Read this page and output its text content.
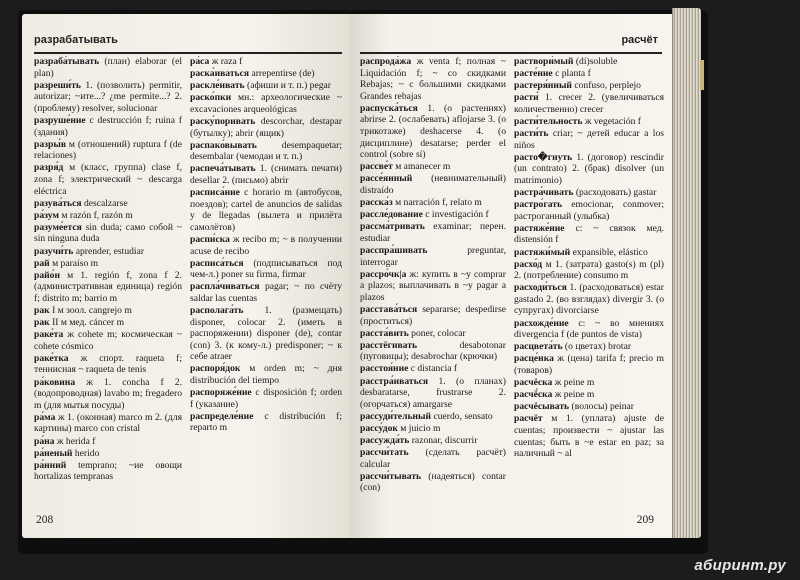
разрабатывать
разраба́тывать (план) elaborar (el plan)
разреши́ть 1. (позволить) permitir, autorizar; ~ите...? ¿me permite...? 2. (проблему) resolver, solucionar
разруше́ние с destrucción f; ruina f (здания)
разры́в м (отношений) ruptura f (de relaciones)
разря́д м (класс, группа) clase f, zona f; электрический ~ descarga eléctrica
разува́ться descalzarse
ра́зум м razón f, razón m
разуме́ется sin duda; само собой ~ sin ninguna duda
разучи́ть aprender, estudiar
рай м paraíso m
райо́н м 1. región f, zona f 2. (административная единица) región f; distrito m; barrio m
рак I м зоол. cangrejo m
рак II м мед. cáncer m
раке́та ж cohete m; космическая ~ cohete cósmico
раке́тка ж спорт. raqueta f; теннисная ~ raqueta de tenis
ра́ковина ж 1. concha f 2. (водопроводная) lavabo m; fregadero m (для мытья посуды)
ра́ма ж 1. (оконная) marco m 2. (для картины) marco con cristal
ра́на ж herida f
ра́неный herido
ра́нний temprano; ~ие овощи hortalizas tempranas
ра́са ж raza f
раска́иваться arrepentirse (de)
раскле́ивать (афиши и т. п.) pegar
раско́пки мн.: археологические ~ excavaciones arqueológicas
раску́поривать descorchar, destapar (бутылку); abrir (ящик)
распако́вывать desempaquetar; desembalar (чемодан и т. п.)
распеча́тывать 1. (снимать печати) desellar 2. (письмо) abrir
расписа́ние с horario m (автобусов, поездов); cartel de anuncios de salidas y de llegadas (вылета и прилёта самолётов)
распи́ска ж recibo m; ~ в получении acuse de recibo
расписа́ться (подписываться под чем-л.) poner su firma, firmar
распла́чиваться pagar; ~ по счёту saldar las cuentas
располага́ть 1. (размещать) disponer, colocar 2. (иметь в распоряжении) disponer (de), contar (con) 3. (к кому-л.) predisponer; ~ к себе atraer
распоря́док м orden m; ~ дня distribución del tiempo
распоряже́ние с disposición f; orden f (указание)
распределе́ние с distribución f; reparto m
208
расчёт
распрода́жа ж venta f; полная ~ Liquidación f; ~ со скидками Rebajas; ~ с большими скидками Grandes rebajas
распуска́ться 1. (о растениях) abrirse 2. (ослабевать) aflojarse 3. (о трикотаже) deshacerse 4. (о дисциплине) desatarse; perder el control (sobre sí)
рассве́т м amanecer m
рассе́янный (невнимательный) distraído
расска́з м narración f, relato m
рассле́дование с investigación f
рассма́тривать examinar; перен. estudiar
расспра́шивать preguntar, interrogar
рассро́чк|а ж: купить в ~у comprar a plazos; выплачивать в ~у pagar a plazos
расстава́ться separarse; despedirse (проститься)
расста́вить poner, colocar
расстёгивать desabotonar (пуговицы); desabrochar (крючки)
расстоя́ние с distancia f
расстра́иваться 1. (о планах) desbaratarse, frustrarse 2. (огорчаться) amargarse
рассуди́тельный cuerdo, sensato
рассу́док м juicio m
рассужда́ть razonar, discurrir
рассчи́тать (сделать расчёт) calcular
рассчи́тывать (надеяться) contar (con)
раствори́мый (di)soluble
расте́ние с planta f
растеря́нный confuso, perplejo
расти́ 1. crecer 2. (увеличиваться количественно) crecer
расти́тельность ж vegetación f
расти́ть criar; ~ детей educar a los niños
растo�гнуть 1. (договор) rescindir (un contrato) 2. (брак) disolver (un matrimonio)
растра́чивать (расходовать) gastar
растро́гать emocionar, conmover; растроганный (улыбка)
растяже́ние с: ~ связок мед. distensión f
растяжи́мый expansible, elástico
расхо́д м 1. (затрата) gasto(s) m (pl) 2. (потребление) consumo m
расходи́ться 1. (расходоваться) estar gastado 2. (во взглядах) divergir 3. (о супругах) divorciarse
расхожде́ние с: ~ во мнениях divergencia f (de puntos de vista)
расцвета́ть (о цветах) brotar
расце́нка ж (цена) tarifa f; precio m (товаров)
расчёска ж peine m
расчё́ска ж peine m
расчёсывать (волосы) peinar
расчёт м 1. (уплата) ajuste de cuentas; произвести ~ ajustar las cuentas; быть в ~е estar en paz; за наличный ~ al
209
абиринт.ру
